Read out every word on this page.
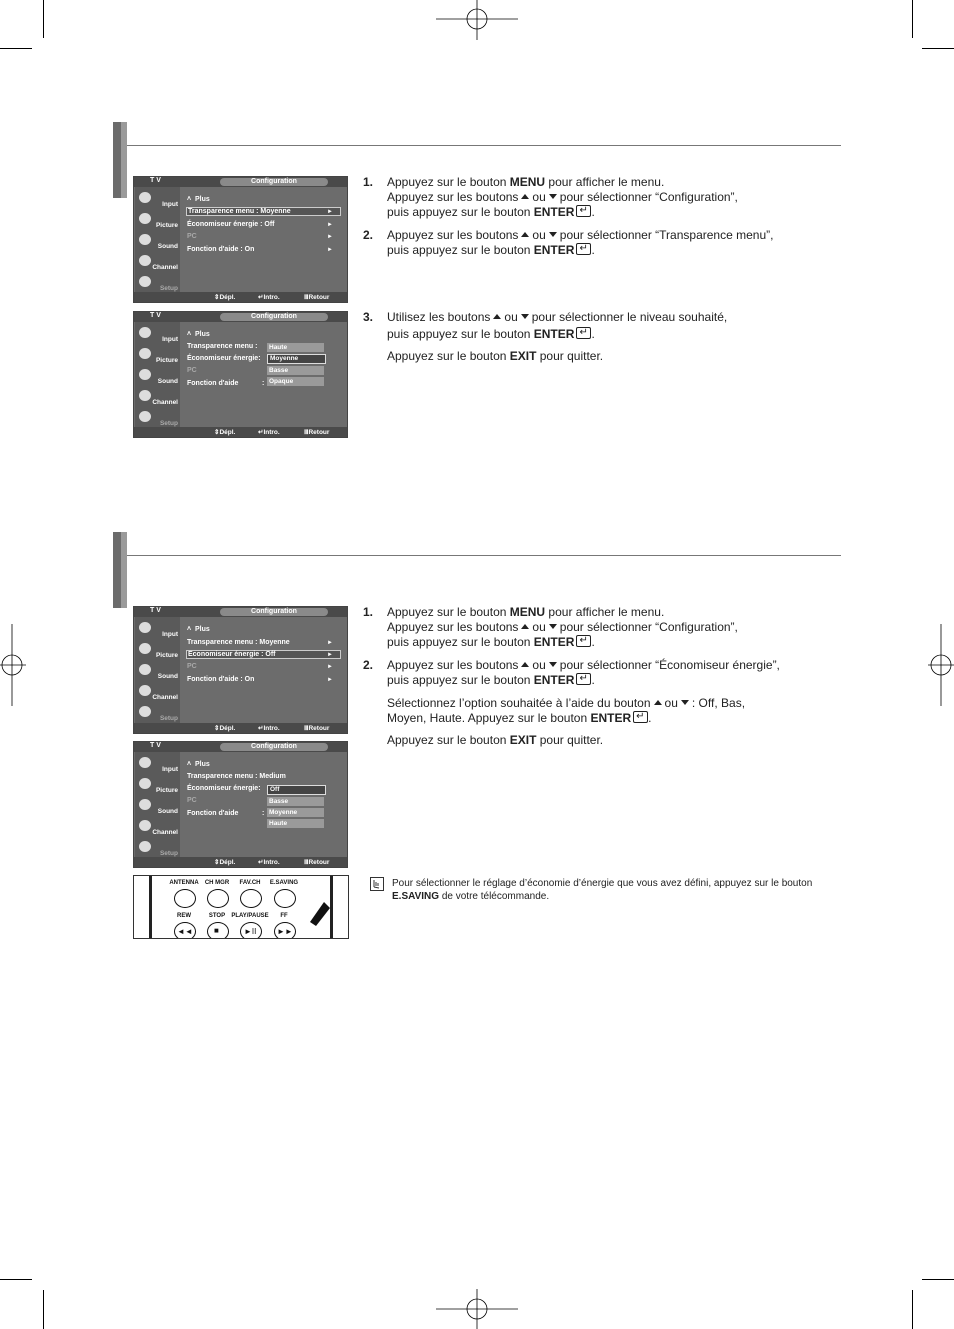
T V	Configuration
Input
Picture
Sound
Channel
Setup
˄  Plus
Transparence menu : Moyenne	►
Économiseur énergie : Off	►
PC	►
Fonction d'aide : On	►
⇕Dépl.	↵Intro.	ⅢRetour
T V	Configuration
Input
Picture
Sound
Channel
Setup
˄  Plus
Transparence menu :
Économiseur énergie:
PC
Fonction d'aide	:
Haute
Moyenne
Basse
Opaque
⇕Dépl.	↵Intro.	ⅢRetour
T V	Configuration
Input
Picture
Sound
Channel
Setup
˄  Plus
Transparence menu : Moyenne	►
Economiseur énergie : Off	►
PC	►
Fonction d'aide : On	►
⇕Dépl.	↵Intro.	ⅢRetour
T V	Configuration
Input
Picture
Sound
Channel
Setup
˄  Plus
Transparence menu : Medium
Économiseur énergie:
PC
Fonction d'aide	:
Off
Basse
Moyenne
Haute
⇕Dépl.	↵Intro.	ⅢRetour
ANTENNA	CH MGR	FAV.CH	E.SAVING
REW	STOP	PLAY/PAUSE	FF
◄◄	■	►II	►►
1. Appuyez sur le bouton MENU pour afficher le menu.
Appuyez sur les boutons ou pour sélectionner “Configuration”,
puis appuyez sur le bouton ENTER ↵ .
2. Appuyez sur les boutons ou pour sélectionner “Transparence menu”,
puis appuyez sur le bouton ENTER ↵ .
3. Utilisez les boutons ou pour sélectionner le niveau souhaité,
puis appuyez sur le bouton ENTER ↵ .
Appuyez sur le bouton EXIT pour quitter.
1. Appuyez sur le bouton MENU pour afficher le menu.
Appuyez sur les boutons ou pour sélectionner “Configuration”,
puis appuyez sur le bouton ENTER ↵ .
2. Appuyez sur les boutons ou pour sélectionner “Économiseur énergie”,
puis appuyez sur le bouton ENTER ↵ .
Sélectionnez l’option souhaitée à l’aide du bouton ou : Off, Bas,
Moyen, Haute. Appuyez sur le bouton ENTER ↵ .
Appuyez sur le bouton EXIT pour quitter.
Pour sélectionner le réglage d’économie d’énergie que vous avez défini, appuyez sur le bouton
E.SAVING de votre télécommande.
